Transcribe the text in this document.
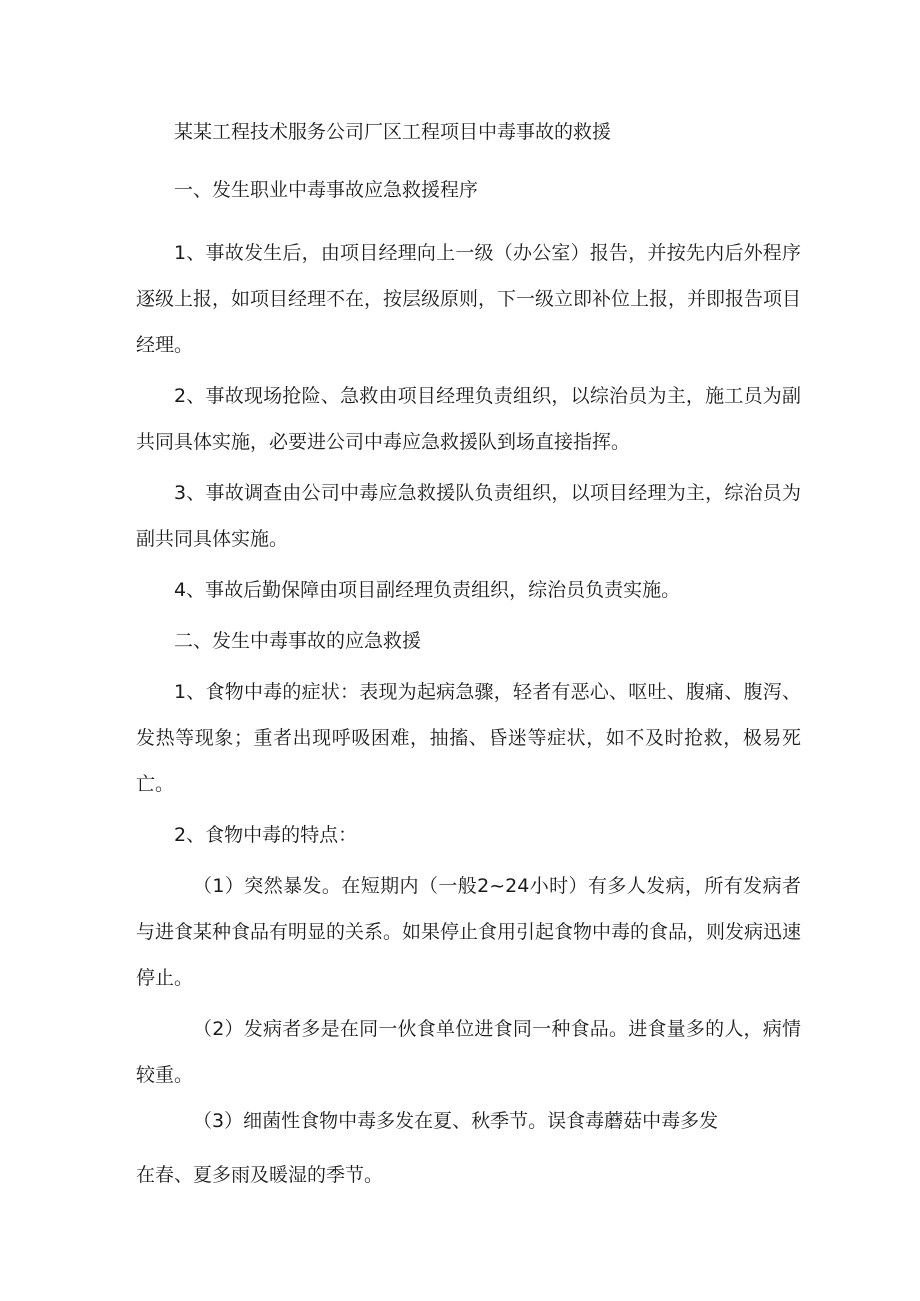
某某工程技术服务公司厂区工程项目中毒事故的救援

一、发生职业中毒事故应急救援程序

1、事故发生后，由项目经理向上一级（办公室）报告，并按先内后外程序逐级上报，如项目经理不在，按层级原则，下一级立即补位上报，并即报告项目经理。

2、事故现场抢险、急救由项目经理负责组织，以综治员为主，施工员为副共同具体实施，必要进公司中毒应急救援队到场直接指挥。

3、事故调查由公司中毒应急救援队负责组织，以项目经理为主，综治员为副共同具体实施。

4、事故后勤保障由项目副经理负责组织，综治员负责实施。

二、发生中毒事故的应急救援

1、食物中毒的症状：表现为起病急骤，轻者有恶心、呕吐、腹痛、腹泻、发热等现象；重者出现呼吸困难，抽搐、昏迷等症状，如不及时抢救，极易死亡。

2、食物中毒的特点：

（1）突然暴发。在短期内（一般2~24小时）有多人发病，所有发病者与进食某种食品有明显的关系。如果停止食用引起食物中毒的食品，则发病迅速停止。

（2）发病者多是在同一伙食单位进食同一种食品。进食量多的人，病情较重。

（3）细菌性食物中毒多发在夏、秋季节。误食毒蘑菇中毒多发

在春、夏多雨及暖湿的季节。
